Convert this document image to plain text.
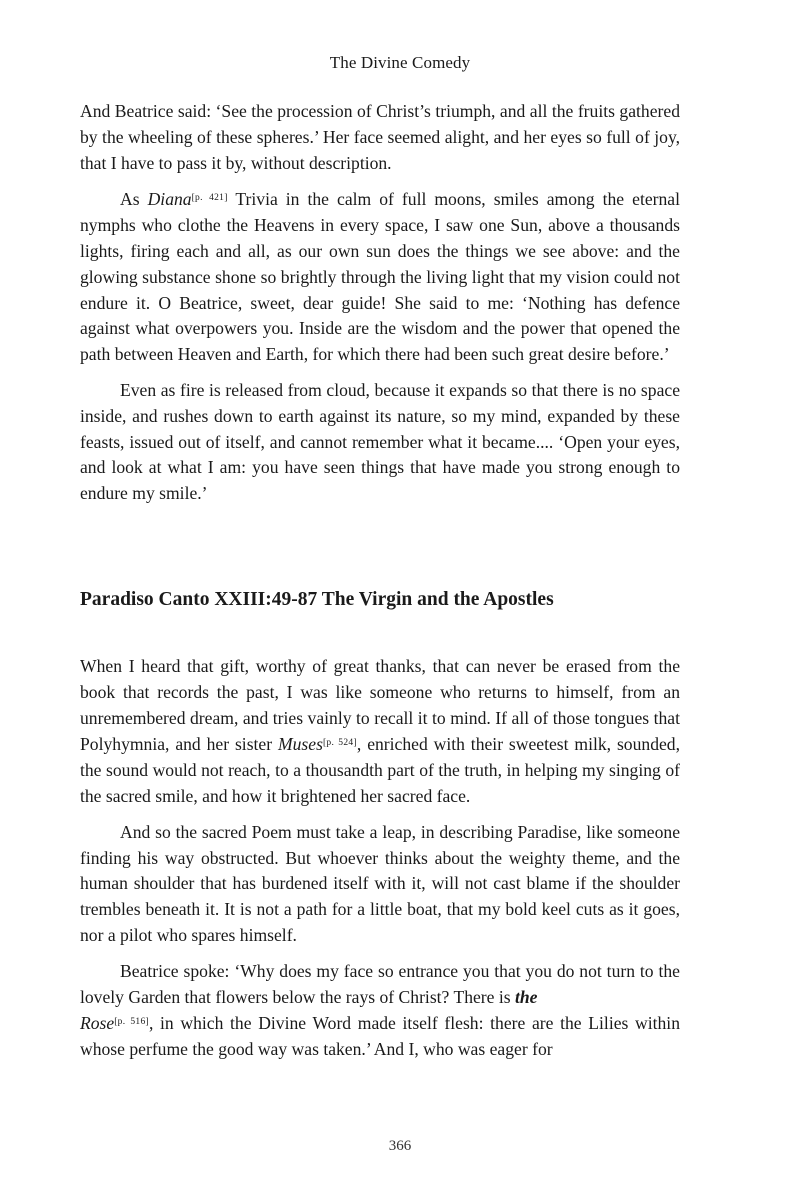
The Divine Comedy

And Beatrice said: ‘See the procession of Christ’s triumph, and all the fruits gathered by the wheeling of these spheres.’ Her face seemed alight, and her eyes so full of joy, that I have to pass it by, without description.

As Diana[p. 421] Trivia in the calm of full moons, smiles among the eternal nymphs who clothe the Heavens in every space, I saw one Sun, above a thousands lights, firing each and all, as our own sun does the things we see above: and the glowing substance shone so brightly through the living light that my vision could not endure it. O Beatrice, sweet, dear guide! She said to me: ‘Nothing has defence against what overpowers you. Inside are the wisdom and the power that opened the path between Heaven and Earth, for which there had been such great desire before.’

Even as fire is released from cloud, because it expands so that there is no space inside, and rushes down to earth against its nature, so my mind, expanded by these feasts, issued out of itself, and cannot remember what it became.... ‘Open your eyes, and look at what I am: you have seen things that have made you strong enough to endure my smile.’

Paradiso Canto XXIII:49-87 The Virgin and the Apostles

When I heard that gift, worthy of great thanks, that can never be erased from the book that records the past, I was like someone who returns to himself, from an unremembered dream, and tries vainly to recall it to mind. If all of those tongues that Polyhymnia, and her sister Muses[p. 524], enriched with their sweetest milk, sounded, the sound would not reach, to a thousandth part of the truth, in helping my singing of the sacred smile, and how it brightened her sacred face.

And so the sacred Poem must take a leap, in describing Paradise, like someone finding his way obstructed. But whoever thinks about the weighty theme, and the human shoulder that has burdened itself with it, will not cast blame if the shoulder trembles beneath it. It is not a path for a little boat, that my bold keel cuts as it goes, nor a pilot who spares himself.

Beatrice spoke: ‘Why does my face so entrance you that you do not turn to the lovely Garden that flowers below the rays of Christ? There is the
Rose[p. 516], in which the Divine Word made itself flesh: there are the Lilies within whose perfume the good way was taken.’ And I, who was eager for

366
